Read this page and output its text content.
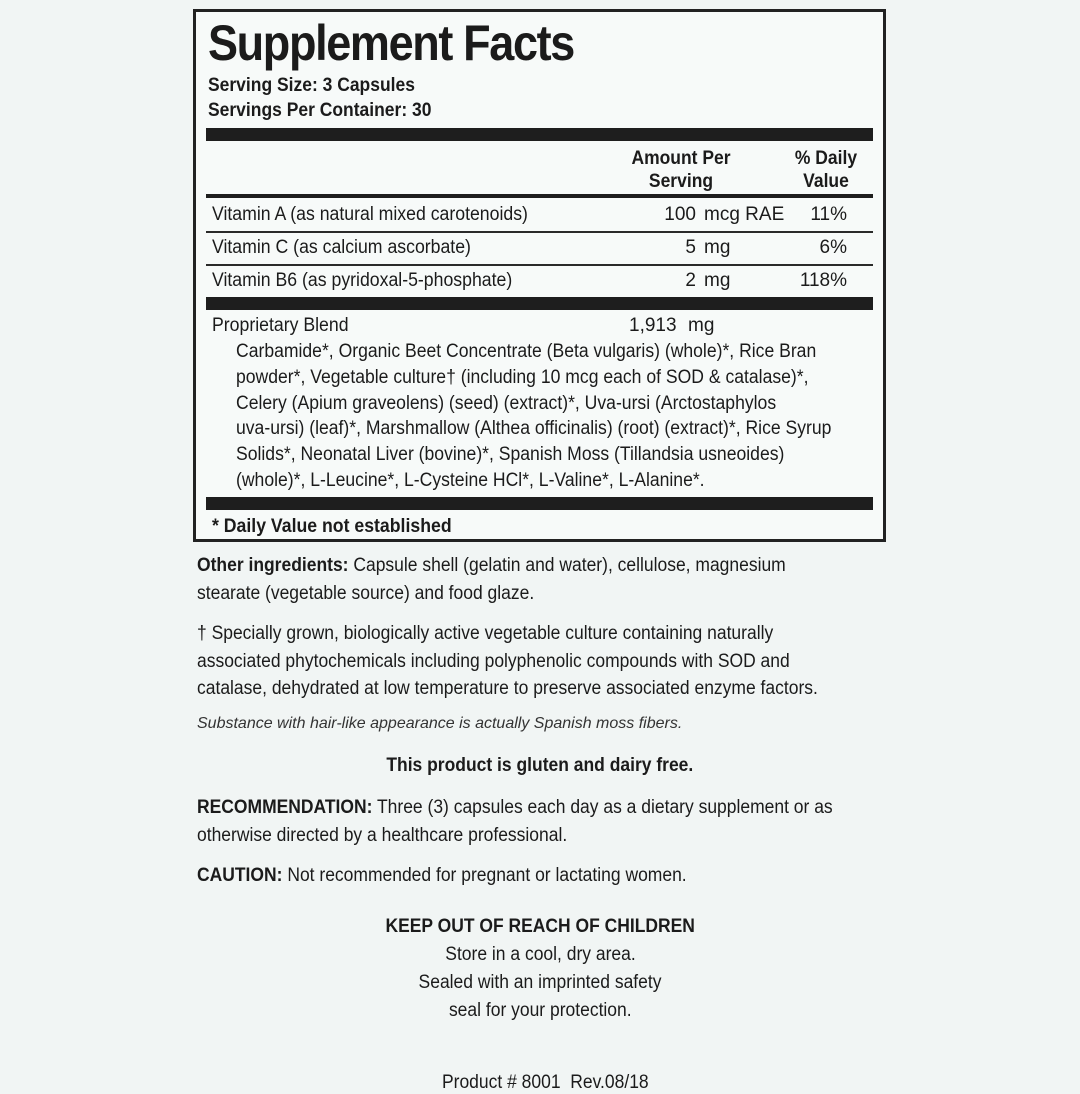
Supplement Facts
Serving Size: 3 Capsules
Servings Per Container: 30
Amount Per
Serving
% Daily
Value
Vitamin A (as natural mixed carotenoids)	100 mcg RAE 11%
Vitamin C (as calcium ascorbate)	5 mg	6%
Vitamin B6 (as pyridoxal-5-phosphate)	2 mg	118%
Proprietary Blend	1,913 mg
Carbamide*, Organic Beet Concentrate (Beta vulgaris) (whole)*, Rice Bran
powder*, Vegetable culture† (including 10 mcg each of SOD & catalase)*,
Celery (Apium graveolens) (seed) (extract)*, Uva-ursi (Arctostaphylos
uva-ursi) (leaf)*, Marshmallow (Althea officinalis) (root) (extract)*, Rice Syrup
Solids*, Neonatal Liver (bovine)*, Spanish Moss (Tillandsia usneoides)
(whole)*, L-Leucine*, L-Cysteine HCl*, L-Valine*, L-Alanine*.
* Daily Value not established
Other ingredients: Capsule shell (gelatin and water), cellulose, magnesium
stearate (vegetable source) and food glaze.
† Specially grown, biologically active vegetable culture containing naturally
associated phytochemicals including polyphenolic compounds with SOD and
catalase, dehydrated at low temperature to preserve associated enzyme factors.
Substance with hair-like appearance is actually Spanish moss fibers.
This product is gluten and dairy free.
RECOMMENDATION: Three (3) capsules each day as a dietary supplement or as
otherwise directed by a healthcare professional.
CAUTION: Not recommended for pregnant or lactating women.
KEEP OUT OF REACH OF CHILDREN
Store in a cool, dry area.
Sealed with an imprinted safety
seal for your protection.

Product # 8001  Rev.08/18
